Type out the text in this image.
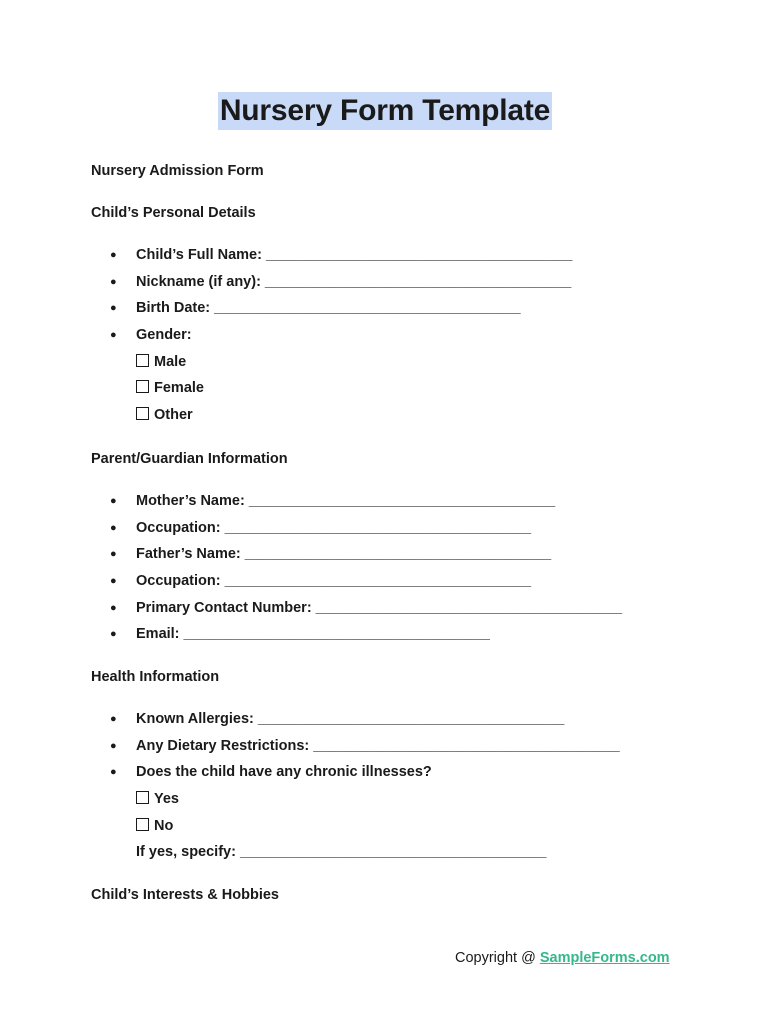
Nursery Form Template

Nursery Admission Form

Child’s Personal Details

● Child’s Full Name: ______________________________________
● Nickname (if any): ______________________________________
● Birth Date: ______________________________________
● Gender:
Male
Female
Other

Parent/Guardian Information

● Mother’s Name: ______________________________________
● Occupation: ______________________________________
● Father’s Name: ______________________________________
● Occupation: ______________________________________
● Primary Contact Number: ______________________________________
● Email: ______________________________________

Health Information

● Known Allergies: ______________________________________
● Any Dietary Restrictions: ______________________________________
● Does the child have any chronic illnesses?
Yes
No
If yes, specify: ______________________________________

Child’s Interests & Hobbies

Copyright @ SampleForms.com
